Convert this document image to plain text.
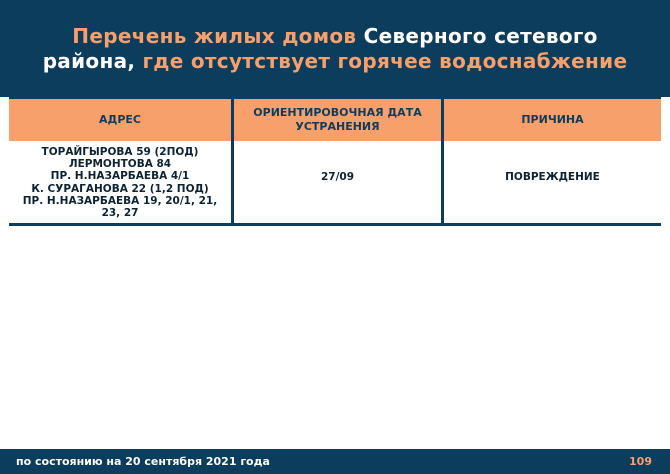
Перечень жилых домов Северного сетевого
района, где отсутствует горячее водоснабжение
АДРЕС
ОРИЕНТИРОВОЧНАЯ ДАТА УСТРАНЕНИЯ
ПРИЧИНА
ТОРАЙГЫРОВА 59 (2ПОД)
ЛЕРМОНТОВА 84
ПР. Н.НАЗАРБАЕВА 4/1
К. СУРАГАНОВА 22 (1,2 ПОД)
ПР. Н.НАЗАРБАЕВА 19, 20/1, 21,
23, 27
27/09	ПОВРЕЖДЕНИЕ
по состоянию на 20 сентября 2021 года	109
